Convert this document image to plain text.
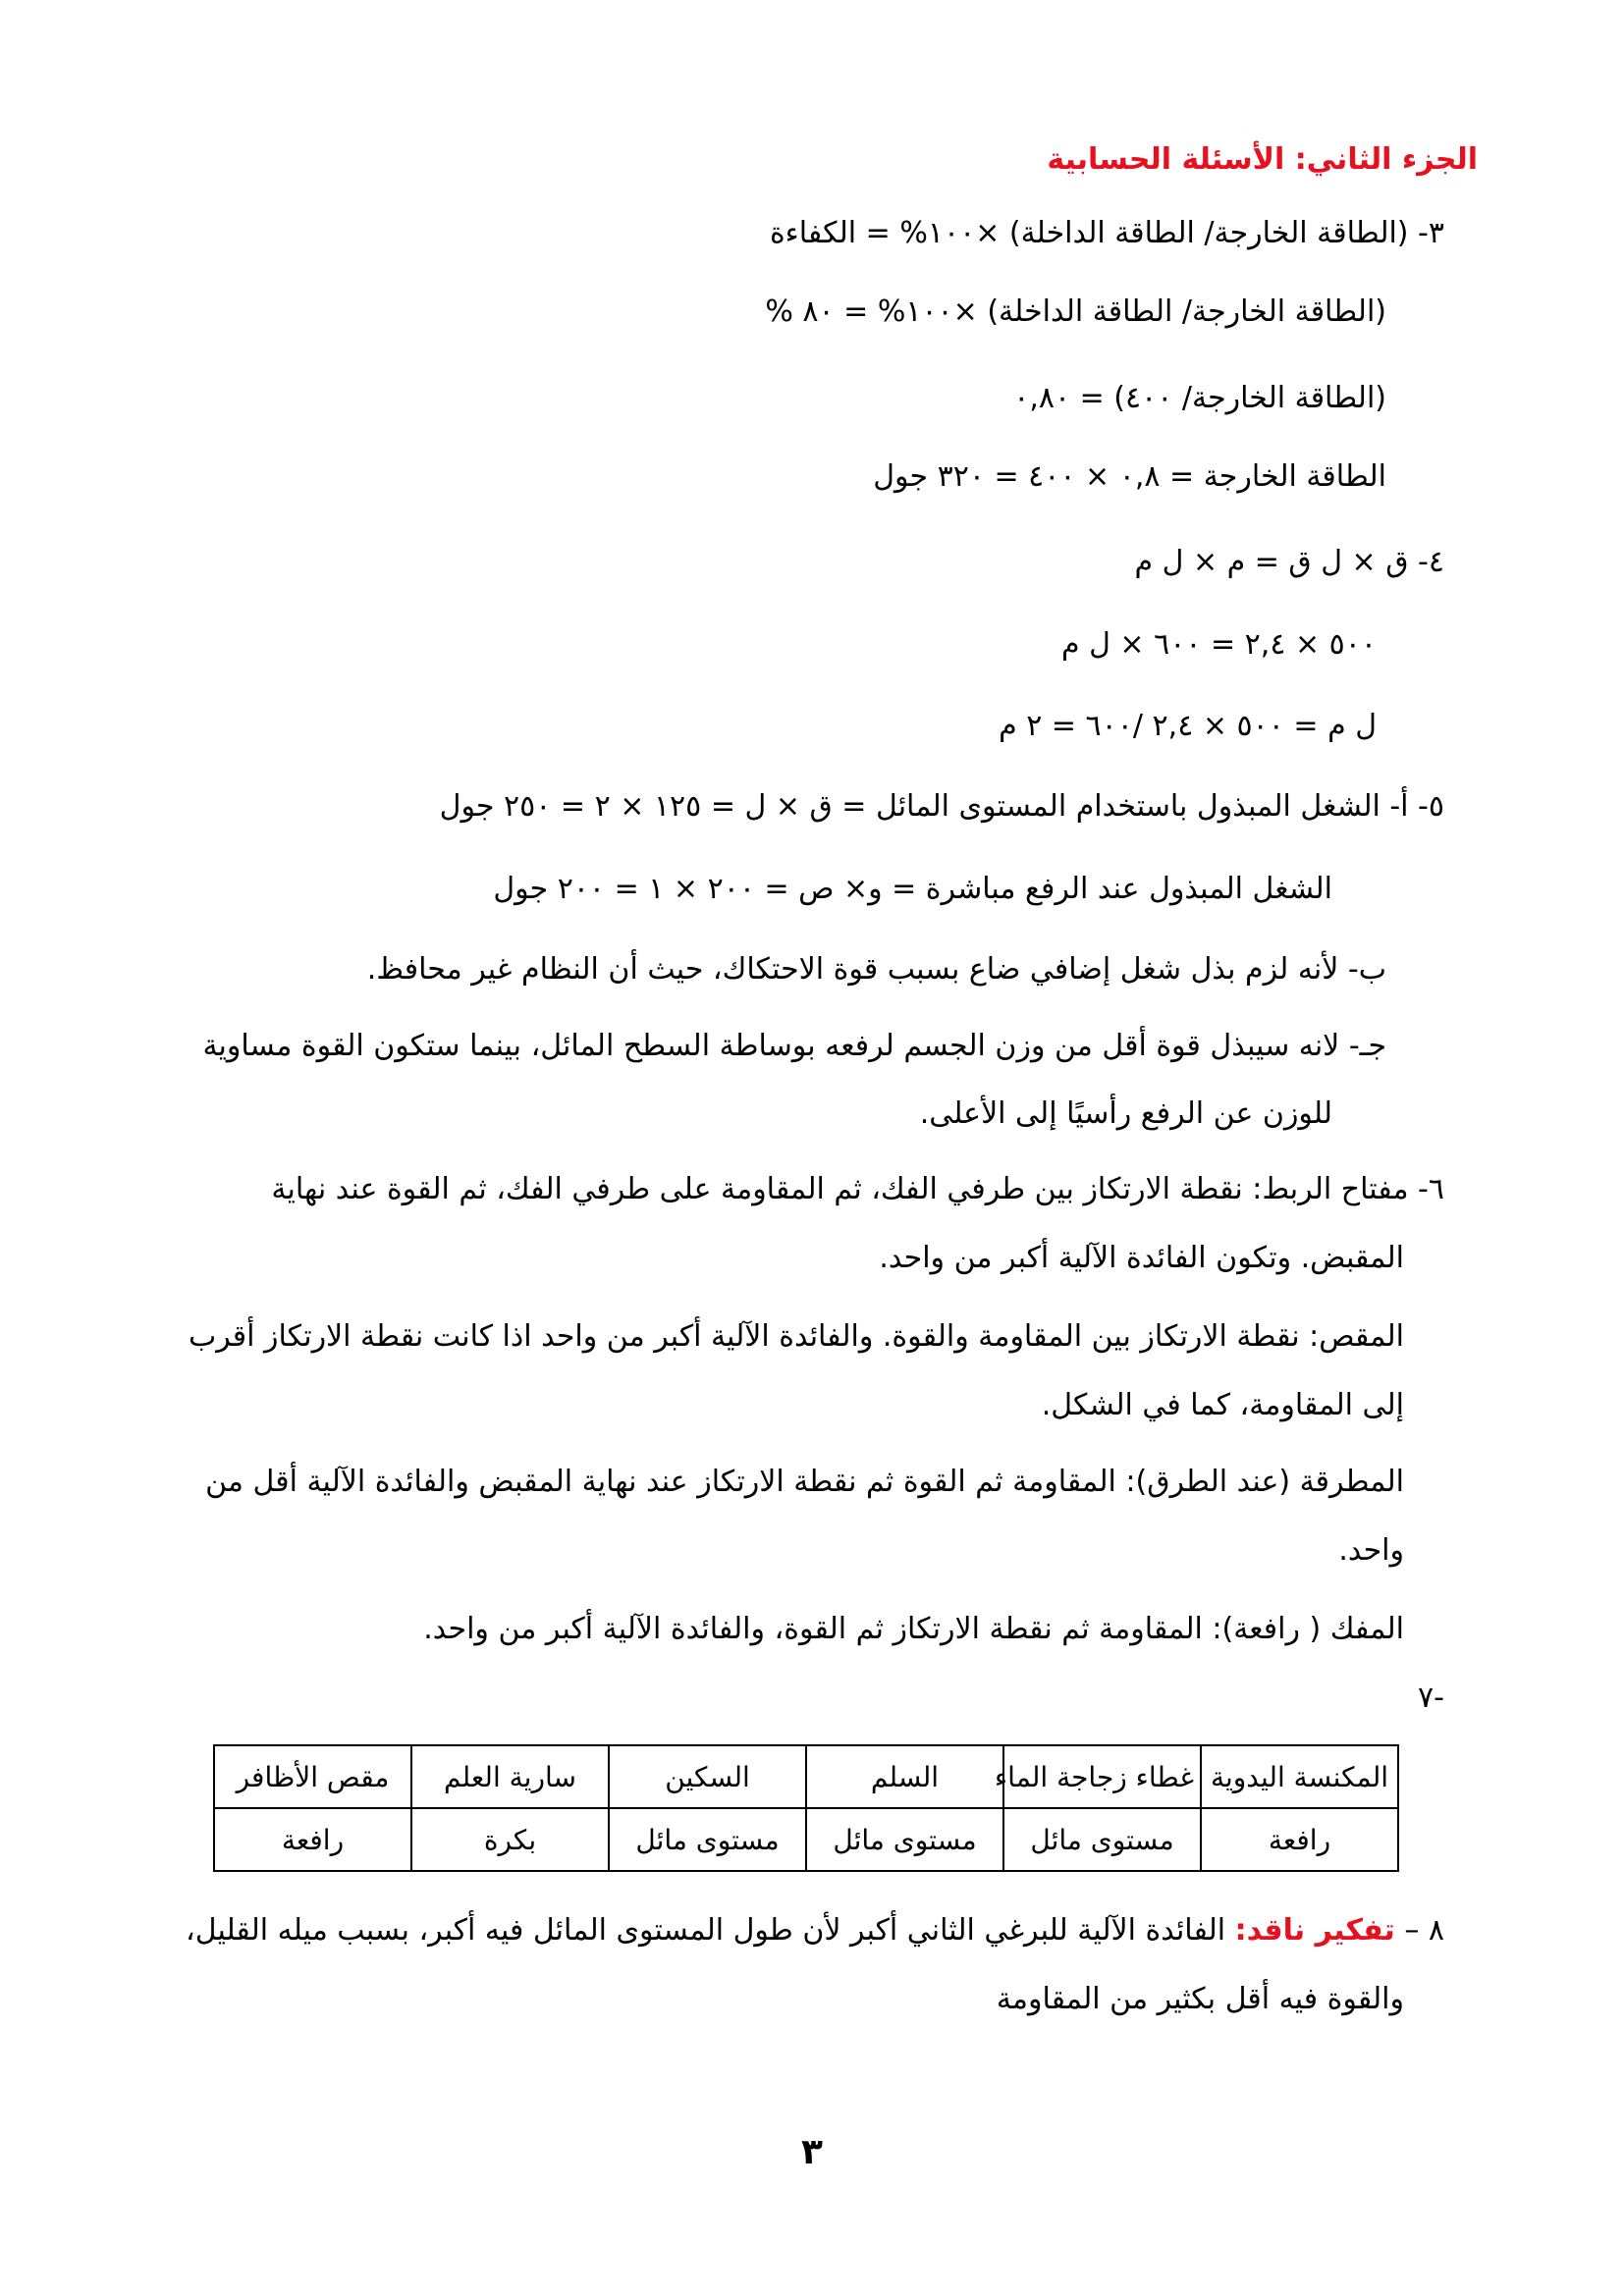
الجزء الثاني: الأسئلة الحسابية
٣- (الطاقة الخارجة/ الطاقة الداخلة) ×١٠٠% = الكفاءة
(الطاقة الخارجة/ الطاقة الداخلة) ×١٠٠% = ٨٠ %
(الطاقة الخارجة/ ٤٠٠) = ٠,٨٠
الطاقة الخارجة = ٠,٨ × ٤٠٠ = ٣٢٠ جول
٤- ق × ل ق = م × ل م
٥٠٠ × ٢,٤ = ٦٠٠ × ل م
ل م = ٥٠٠ × ٢,٤ /٦٠٠ = ٢ م
٥- أ- الشغل المبذول باستخدام المستوى المائل = ق × ل = ١٢٥ × ٢ = ٢٥٠ جول
الشغل المبذول عند الرفع مباشرة = و× ص = ٢٠٠ × ١ = ٢٠٠ جول
ب- لأنه لزم بذل شغل إضافي ضاع بسبب قوة الاحتكاك، حيث أن النظام غير محافظ.
جـ- لانه سيبذل قوة أقل من وزن الجسم لرفعه بوساطة السطح المائل، بينما ستكون القوة مساوية
للوزن عن الرفع رأسيًا إلى الأعلى.
٦- مفتاح الربط: نقطة الارتكاز بين طرفي الفك، ثم المقاومة على طرفي الفك، ثم القوة عند نهاية
المقبض. وتكون الفائدة الآلية أكبر من واحد.
المقص: نقطة الارتكاز بين المقاومة والقوة. والفائدة الآلية أكبر من واحد اذا كانت نقطة الارتكاز أقرب
إلى المقاومة، كما في الشكل.
المطرقة (عند الطرق): المقاومة ثم القوة ثم نقطة الارتكاز عند نهاية المقبض والفائدة الآلية أقل من
واحد.
المفك ( رافعة): المقاومة ثم نقطة الارتكاز ثم القوة، والفائدة الآلية أكبر من واحد.
٧-
المكنسة اليدوية	غطاء زجاجة الماء	السلم	السكين	سارية العلم	مقص الأظافر
رافعة	مستوى مائل	مستوى مائل	مستوى مائل	بكرة	رافعة
٨ – تفكير ناقد: الفائدة الآلية للبرغي الثاني أكبر لأن طول المستوى المائل فيه أكبر، بسبب ميله القليل،
والقوة فيه أقل بكثير من المقاومة
٣
